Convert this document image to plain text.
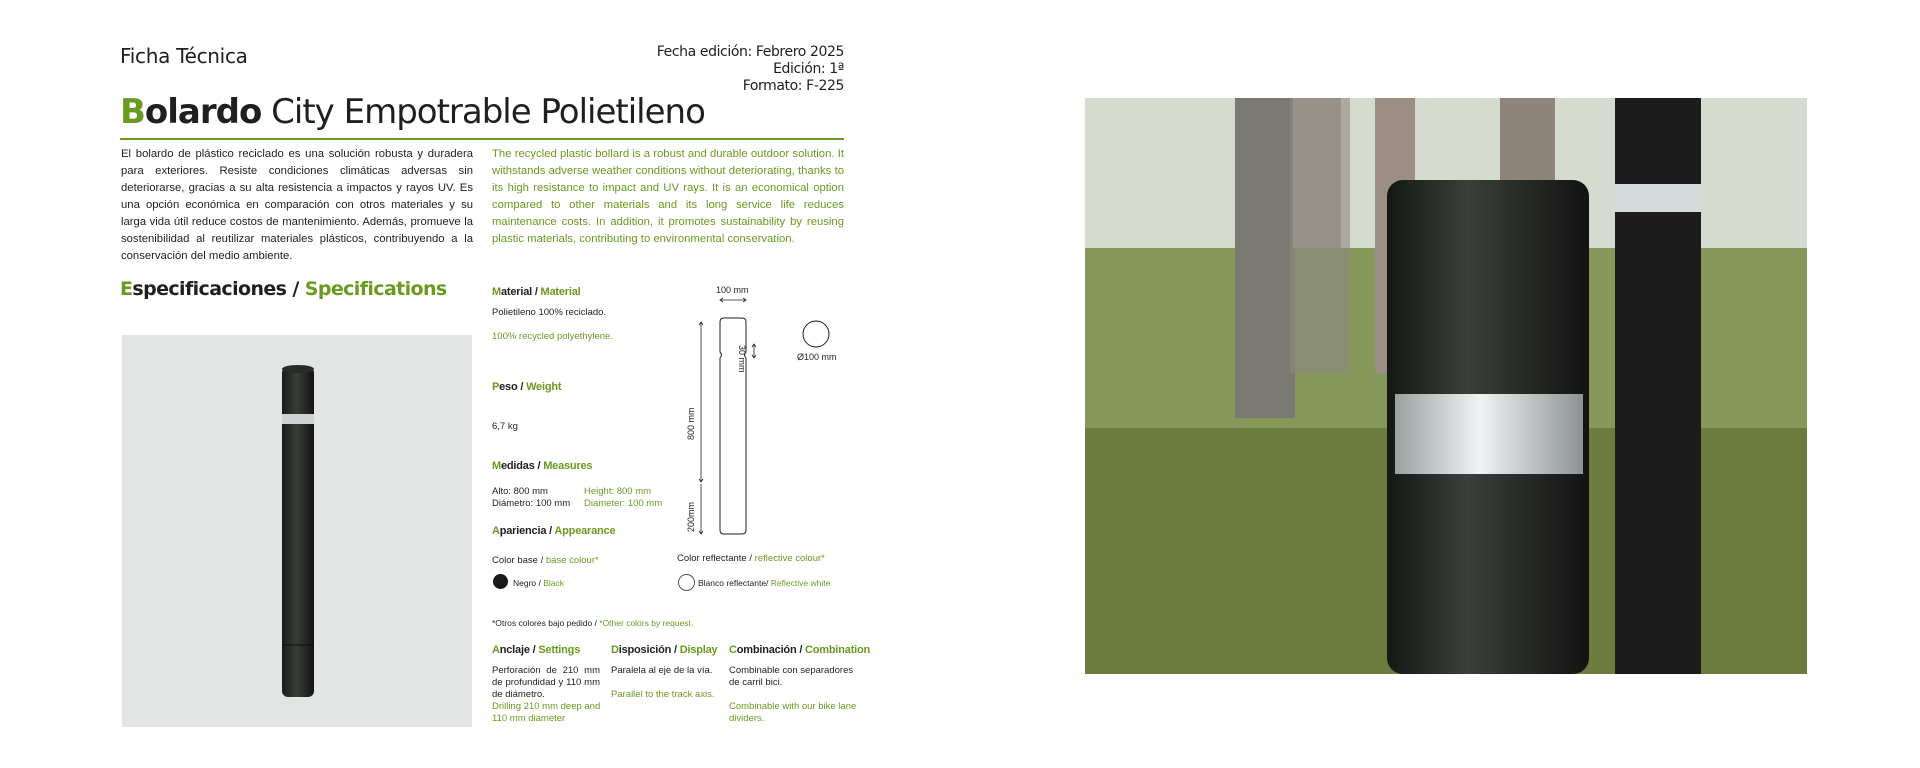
Ficha Técnica	Fecha edición: Febrero 2025
Edición: 1ª
Formato: F-225
Bolardo City Empotrable Polietileno
El bolardo de plástico reciclado es una solución robusta y duradera para exteriores. Resiste condiciones climáticas adversas sin deteriorarse, gracias a su alta resistencia a impactos y rayos UV. Es una opción económica en comparación con otros materiales y su larga vida útil reduce costos de mantenimiento. Además, promueve la sostenibilidad al reutilizar materiales plásticos, contribuyendo a la conservación del medio ambiente.
The recycled plastic bollard is a robust and durable outdoor solution. It withstands adverse weather conditions without deteriorating, thanks to its high resistance to impact and UV rays. It is an economical option compared to other materials and its long service life reduces maintenance costs. In addition, it promotes sustainability by reusing plastic materials, contributing to environmental conservation.
Especificaciones / Specifications	Material / Material
Polietileno 100% reciclado.
100% recycled polyethylene.
Peso / Weight
6,7 kg
Medidas / Measures
Alto: 800 mm
Diámetro: 100 mm
Height: 800 mm
Diameter: 100 mm
Apariencia / Appearance
Color base / base colour*
Negro / Black
Color reflectante / reflective colour*
Blanco reflectante/ Reflective white
*Otros colores bajo pedido / *Other colors by request.
Anclaje / Settings
Perforación de 210 mm de profundidad y 110 mm de diámetro.
Drilling 210 mm deep and 110 mm diameter
Disposición / Display
Paralela al eje de la vía.
Parallel to the track axis.
Combinación / Combination
Combinable con separadores de carril bici.
Combinable with our bike lane dividers.
100 mm
30 mm
800 mm
200mm
Ø100 mm
